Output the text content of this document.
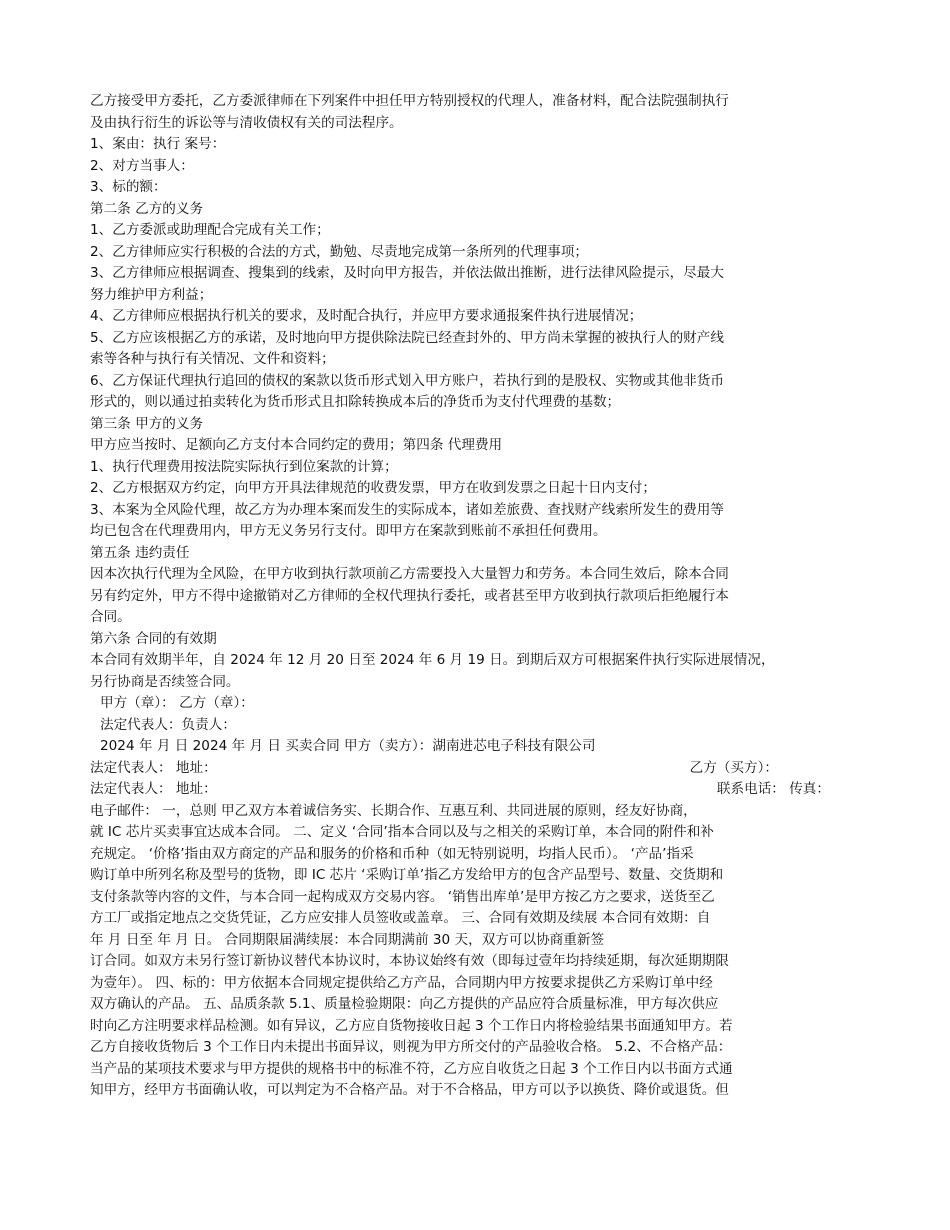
乙方接受甲方委托，乙方委派律师在下列案件中担任甲方特别授权的代理人，准备材料，配合法院强制执行
及由执行衍生的诉讼等与清收债权有关的司法程序。
1、案由：执行 案号：
2、对方当事人：
3、标的额：
第二条 乙方的义务
1、乙方委派或助理配合完成有关工作；
2、乙方律师应实行积极的合法的方式，勤勉、尽责地完成第一条所列的代理事项；
3、乙方律师应根据调查、搜集到的线索，及时向甲方报告，并依法做出推断，进行法律风险提示，尽最大
努力维护甲方利益；
4、乙方律师应根据执行机关的要求，及时配合执行，并应甲方要求通报案件执行进展情况；
5、乙方应该根据乙方的承诺，及时地向甲方提供除法院已经查封外的、甲方尚未掌握的被执行人的财产线
索等各种与执行有关情况、文件和资料；
6、乙方保证代理执行追回的债权的案款以货币形式划入甲方账户，若执行到的是股权、实物或其他非货币
形式的，则以通过拍卖转化为货币形式且扣除转换成本后的净货币为支付代理费的基数；
第三条 甲方的义务
甲方应当按时、足额向乙方支付本合同约定的费用；第四条 代理费用
1、执行代理费用按法院实际执行到位案款的计算；
2、乙方根据双方约定，向甲方开具法律规范的收费发票，甲方在收到发票之日起十日内支付；
3、本案为全风险代理，故乙方为办理本案而发生的实际成本，诸如差旅费、查找财产线索所发生的费用等
均已包含在代理费用内，甲方无义务另行支付。即甲方在案款到账前不承担任何费用。
第五条 违约责任
因本次执行代理为全风险，在甲方收到执行款项前乙方需要投入大量智力和劳务。本合同生效后，除本合同
另有约定外，甲方不得中途撤销对乙方律师的全权代理执行委托，或者甚至甲方收到执行款项后拒绝履行本
合同。
第六条 合同的有效期
本合同有效期半年，自 2024 年 12 月 20 日至 2024 年 6 月 19 日。到期后双方可根据案件执行实际进展情况，
另行协商是否续签合同。
甲方（章）： 乙方（章）：
法定代表人：负责人：
2024 年 月 日 2024 年 月 日 买卖合同 甲方（卖方）：湖南进芯电子科技有限公司
法定代表人： 地址：	乙方（买方）：
法定代表人： 地址：	联系电话： 传真：
电子邮件： 一，总则 甲乙双方本着诚信务实、长期合作、互惠互利、共同进展的原则，经友好协商，
就 IC 芯片买卖事宜达成本合同。 二、定义 ‘合同’指本合同以及与之相关的采购订单，本合同的附件和补
充规定。 ‘价格’指由双方商定的产品和服务的价格和币种（如无特别说明，均指人民币）。 ‘产品’指采
购订单中所列名称及型号的货物，即 IC 芯片 ‘采购订单’指乙方发给甲方的包含产品型号、数量、交货期和
支付条款等内容的文件，与本合同一起构成双方交易内容。 ‘销售出库单’是甲方按乙方之要求，送货至乙
方工厂或指定地点之交货凭证，乙方应安排人员签收或盖章。 三、合同有效期及续展 本合同有效期：自
年 月 日至 年 月 日。 合同期限届满续展：本合同期满前 30 天，双方可以协商重新签
订合同。如双方未另行签订新协议替代本协议时，本协议始终有效（即每过壹年均持续延期，每次延期期限
为壹年）。 四、标的：甲方依据本合同规定提供给乙方产品，合同期内甲方按要求提供乙方采购订单中经
双方确认的产品。 五、品质条款 5.1、质量检验期限：向乙方提供的产品应符合质量标准，甲方每次供应
时向乙方注明要求样品检测。如有异议，乙方应自货物接收日起 3 个工作日内将检验结果书面通知甲方。若
乙方自接收货物后 3 个工作日内未提出书面异议，则视为甲方所交付的产品验收合格。 5.2、不合格产品：
当产品的某项技术要求与甲方提供的规格书中的标准不符，乙方应自收货之日起 3 个工作日内以书面方式通
知甲方，经甲方书面确认收，可以判定为不合格产品。对于不合格品，甲方可以予以换货、降价或退货。但
